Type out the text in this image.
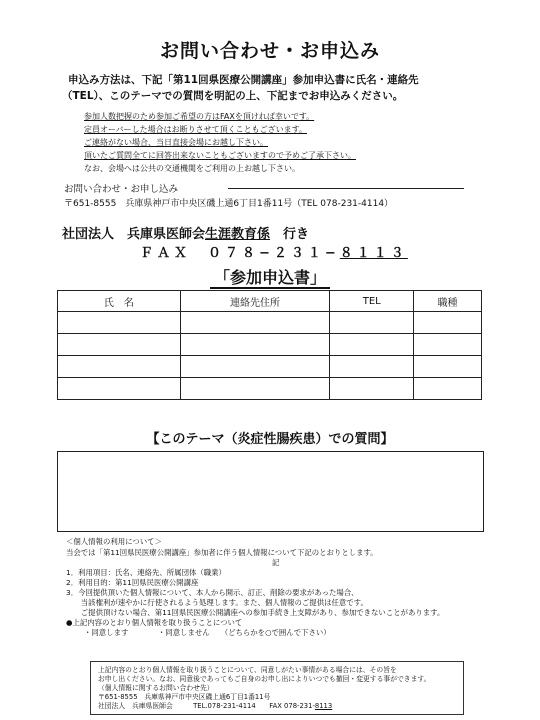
お問い合わせ・お申込み
申込み方法は、下記「第11回県医療公開講座」参加申込書に氏名・連絡先
（TEL）、このテーマでの質問を明記の上、下記までお申込みください。
参加人数把握のため参加ご希望の方はFAXを頂ければ幸いです。
定員オーバーした場合はお断りさせて頂くこともございます。
ご連絡がない場合、当日直接会場にお越し下さい。
頂いたご質問全てに回答出来ないこともございますので予めご了承下さい。
なお、会場へは公共の交通機関をご利用の上お越し下さい。
お問い合わせ・お申し込み
〒651-8555　兵庫県神戸市中央区磯上通6丁目1番11号（TEL 078-231-4114）
社団法人　兵庫県医師会生涯教育係　行き
ＦＡＸ　０７８−２３１−８１１３
「参加申込書」
氏　名	連絡先住所	TEL	職種

【このテーマ（炎症性腸疾患）での質問】
＜個人情報の利用について＞
当会では「第11回県民医療公開講座」参加者に伴う個人情報について下記のとおりとします。
記
1．利用項目：氏名、連絡先、所属団体（職業）
2．利用目的：第11回県民医療公開講座
3．今回提供頂いた個人情報について、本人から開示、訂正、削除の要求があった場合、
　　当該権利が速やかに行使されるよう処理します。また、個人情報のご提供は任意です。
　　ご提供頂けない場合、第11回県民医療公開講座への参加手続き上支障があり、参加できないことがあります。
●上記内容のとおり個人情報を取り扱うことについて
・同意します　　　　・同意しません　　（どちらかを○で囲んで下さい）
上記内容のとおり個人情報を取り扱うことについて、同意しがたい事情がある場合には、その旨を
お申し出ください。なお、同意後であってもご自身のお申し出によりいつでも撤回・変更する事ができます。
（個人情報に関するお問い合わせ先）
〒651-8555　兵庫県神戸市中央区磯上通6丁目1番11号
社団法人　兵庫県医師会　　　TEL.078-231-4114　　FAX 078-231-8113
